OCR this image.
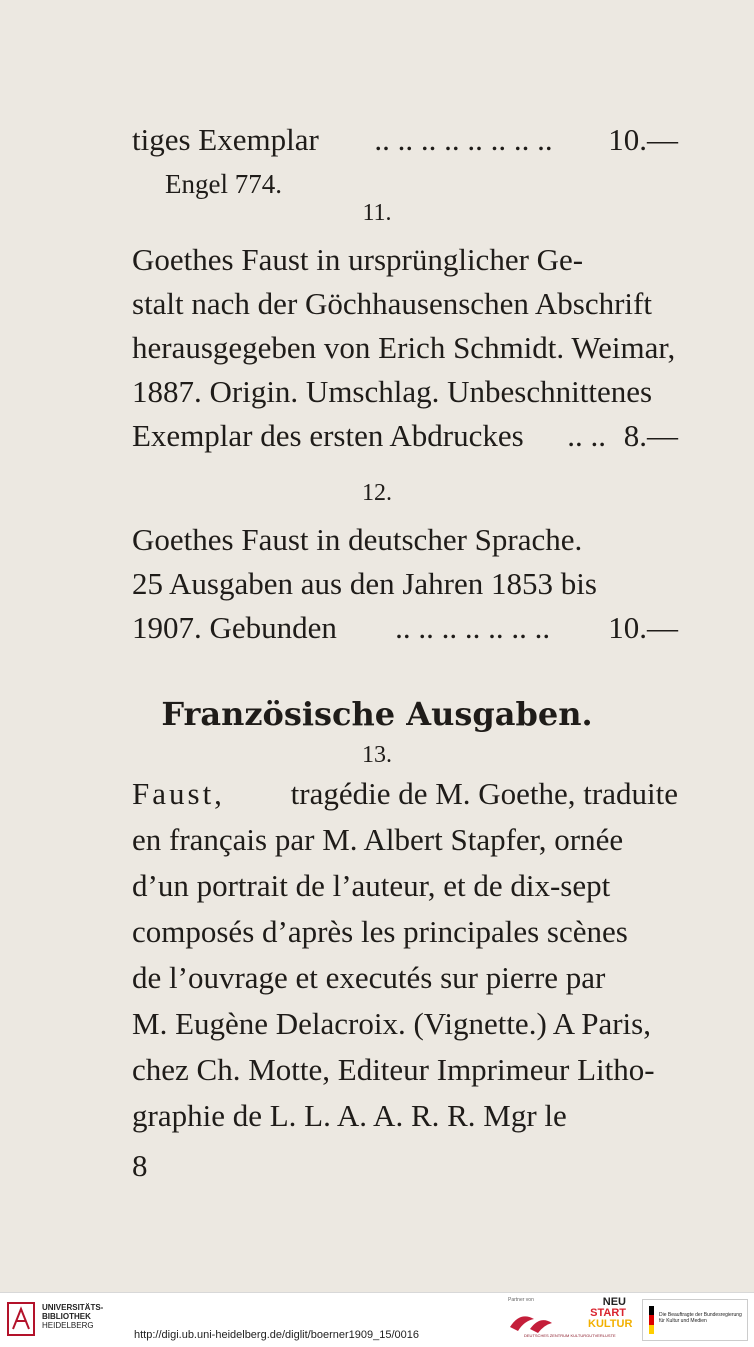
tiges Exemplar .. .. .. .. .. .. .. .. 10.—
Engel 774.
11.
Goethes Faust in ursprünglicher Ge-
stalt nach der Göchhausenschen Abschrift
herausgegeben von Erich Schmidt. Weimar,
1887. Origin. Umschlag. Unbeschnittenes
Exemplar des ersten Abdruckes .. .. 8.—
12.
Goethes Faust in deutscher Sprache.
25 Ausgaben aus den Jahren 1853 bis
1907. Gebunden .. .. .. .. .. .. .. 10.—
Französische Ausgaben.
13.
Faust, tragédie de M. Goethe, traduite
en français par M. Albert Stapfer, ornée
d’un portrait de l’auteur, et de dix-sept
composés d’après les principales scènes
de l’ouvrage et executés sur pierre par
M. Eugène Delacroix. (Vignette.) A Paris,
chez Ch. Motte, Editeur Imprimeur Litho-
graphie de L. L. A. A. R. R. Mgr le
8
UNIVERSITÄTS-
BIBLIOTHEK
HEIDELBERG
http://digi.ub.uni-heidelberg.de/diglit/boerner1909_15/0016
Partner von
DEUTSCHES ZENTRUM KULTURGUTVERLUSTE
NEU
START
KULTUR
Die Beauftragte der Bundesregierung für Kultur und Medien
